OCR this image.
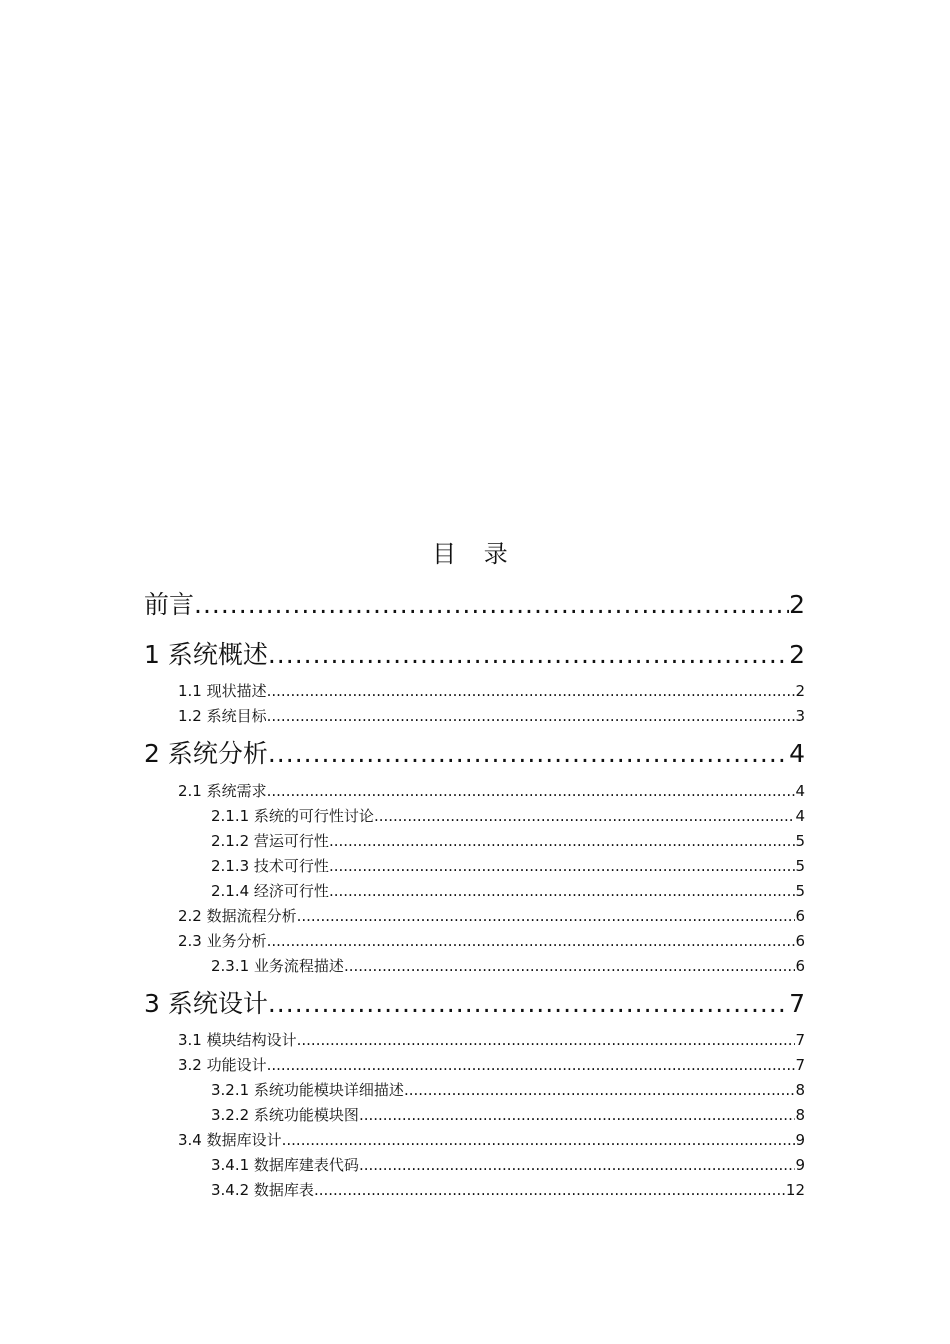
目 录
前言 .....	2
1 系统概述 .....	2
1.1 现状描述 .....	2
1.2 系统目标 .....	3
2 系统分析 .....	4
2.1 系统需求 .....	4
2.1.1 系统的可行性讨论 .....	4
2.1.2 营运可行性 .....	5
2.1.3 技术可行性 .....	5
2.1.4 经济可行性 .....	5
2.2 数据流程分析 .....	6
2.3 业务分析 .....	6
2.3.1 业务流程描述 .....	6
3 系统设计 .....	7
3.1 模块结构设计 .....	7
3.2 功能设计 .....	7
3.2.1 系统功能模块详细描述 .....	8
3.2.2 系统功能模块图 .....	8
3.4 数据库设计 .....	9
3.4.1 数据库建表代码 .....	9
3.4.2 数据库表 .....	12
